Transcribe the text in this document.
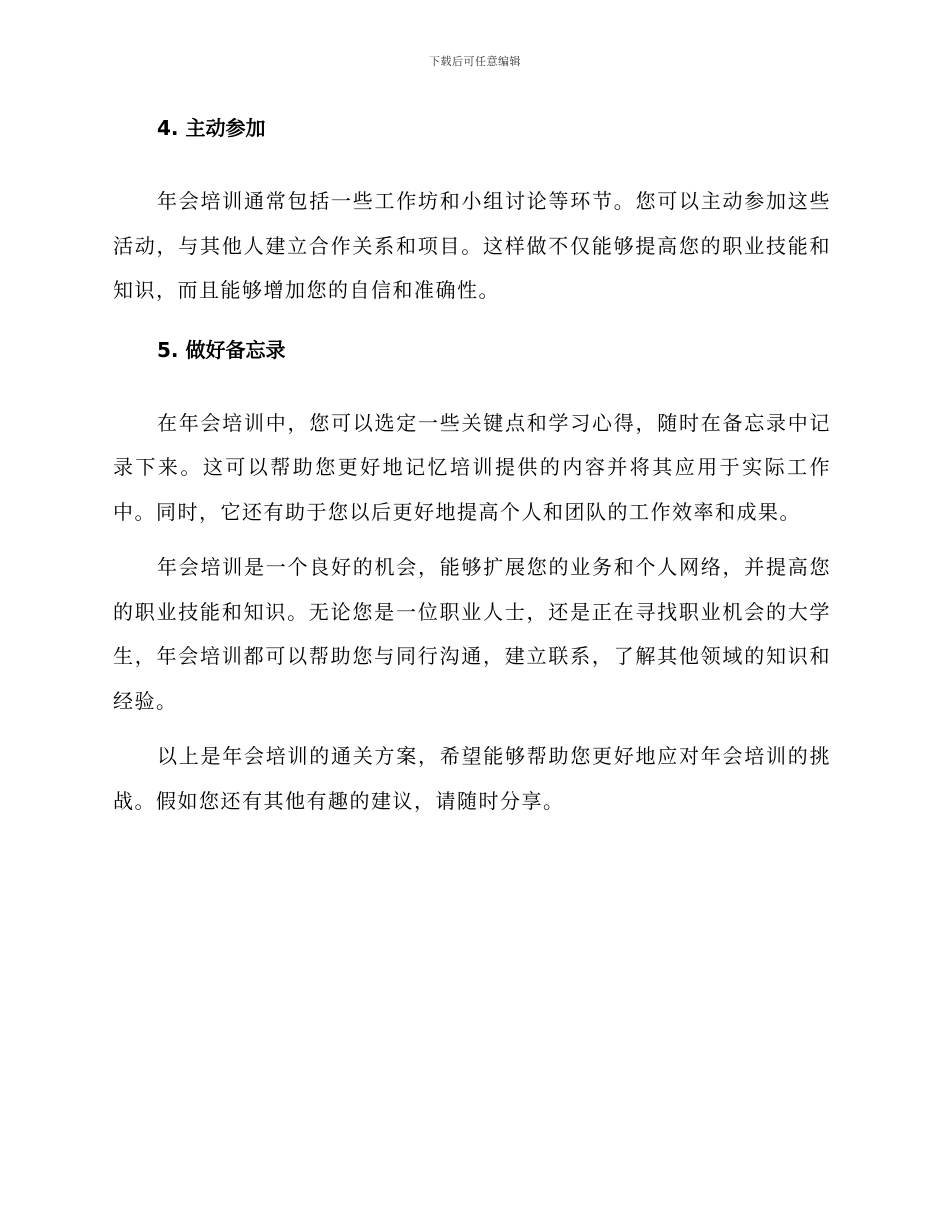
下载后可任意编辑
4. 主动参加

年会培训通常包括一些工作坊和小组讨论等环节。您可以主动参加这些活动，与其他人建立合作关系和项目。这样做不仅能够提高您的职业技能和知识，而且能够增加您的自信和准确性。

5. 做好备忘录

在年会培训中，您可以选定一些关键点和学习心得，随时在备忘录中记录下来。这可以帮助您更好地记忆培训提供的内容并将其应用于实际工作中。同时，它还有助于您以后更好地提高个人和团队的工作效率和成果。

年会培训是一个良好的机会，能够扩展您的业务和个人网络，并提高您的职业技能和知识。无论您是一位职业人士，还是正在寻找职业机会的大学生，年会培训都可以帮助您与同行沟通，建立联系，了解其他领域的知识和经验。

以上是年会培训的通关方案，希望能够帮助您更好地应对年会培训的挑战。假如您还有其他有趣的建议，请随时分享。
